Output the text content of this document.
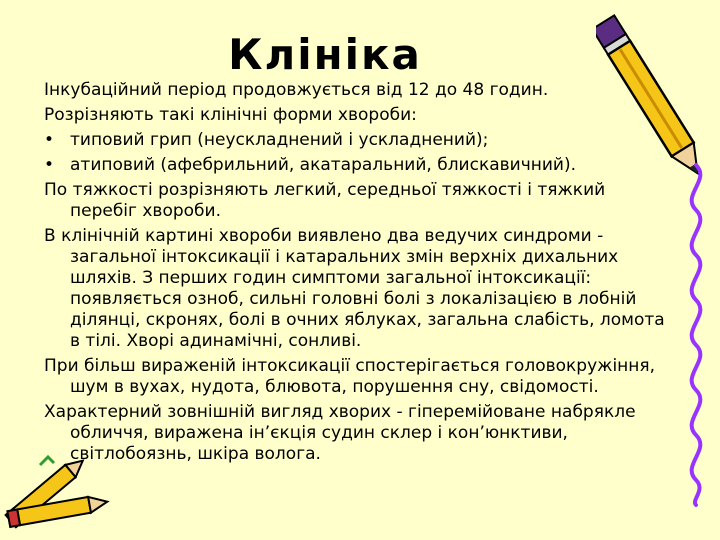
Клініка

Інкубаційний період продовжується від 12 до 48 годин.

Розрізняють такі клінічні форми хвороби:

• типовий грип (неускладнений і ускладнений);
• атиповий (афебрильний, акатаральний, блискавичний).

По тяжкості розрізняють легкий, середньої тяжкості і тяжкий перебіг хвороби.

В клінічній картині хвороби виявлено два ведучих синдроми - загальної інтоксикації і катаральних змін верхніх дихальних шляхів. З перших годин симптоми загальної інтоксикації: появляється озноб, сильні головні болі з локалізацією в лобній ділянці, скронях, болі в очних яблуках, загальна слабість, ломота в тілі. Хворі адинамічні, сонливі.

При більш вираженій інтоксикації спостерігається головокружіння, шум в вухах, нудота, блювота, порушення сну, свідомості.

Характерний зовнішній вигляд хворих - гіперемійоване набрякле обличчя, виражена ін’єкція судин склер і кон’юнктиви, світлобоязнь, шкіра волога.
